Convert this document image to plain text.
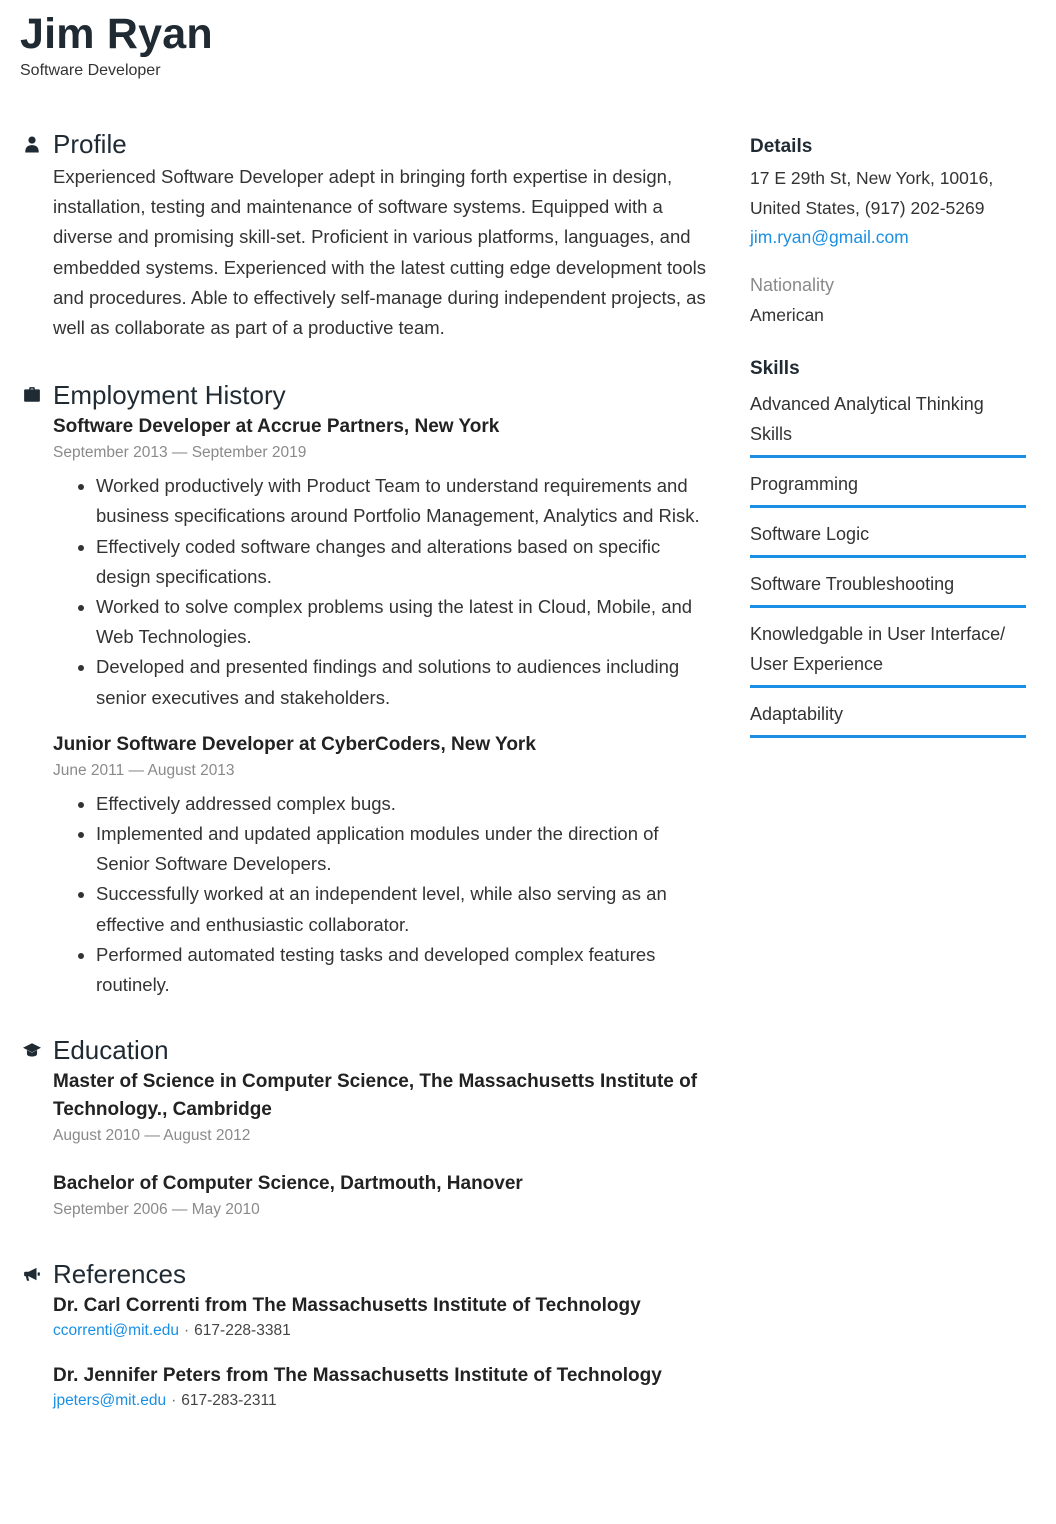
Jim Ryan
Software Developer
Profile
Experienced Software Developer adept in bringing forth expertise in design, installation, testing and maintenance of software systems. Equipped with a diverse and promising skill-set. Proficient in various platforms, languages, and embedded systems. Experienced with the latest cutting edge development tools and procedures. Able to effectively self-manage during independent projects, as well as collaborate as part of a productive team.
Employment History
Software Developer at Accrue Partners, New York
September 2013 — September 2019
• Worked productively with Product Team to understand requirements and business specifications around Portfolio Management, Analytics and Risk.
• Effectively coded software changes and alterations based on specific design specifications.
• Worked to solve complex problems using the latest in Cloud, Mobile, and Web Technologies.
• Developed and presented findings and solutions to audiences including senior executives and stakeholders.
Junior Software Developer at CyberCoders, New York
June 2011 — August 2013
• Effectively addressed complex bugs.
• Implemented and updated application modules under the direction of Senior Software Developers.
• Successfully worked at an independent level, while also serving as an effective and enthusiastic collaborator.
• Performed automated testing tasks and developed complex features routinely.
Education
Master of Science in Computer Science, The Massachusetts Institute of Technology., Cambridge
August 2010 — August 2012
Bachelor of Computer Science, Dartmouth, Hanover
September 2006 — May 2010
References
Dr. Carl Correnti from The Massachusetts Institute of Technology
ccorrenti@mit.edu · 617-228-3381
Dr. Jennifer Peters from The Massachusetts Institute of Technology
jpeters@mit.edu · 617-283-2311
Details
17 E 29th St, New York, 10016, United States, (917) 202-5269
jim.ryan@gmail.com
Nationality
American
Skills
Advanced Analytical Thinking Skills
Programming
Software Logic
Software Troubleshooting
Knowledgable in User Interface/ User Experience
Adaptability
